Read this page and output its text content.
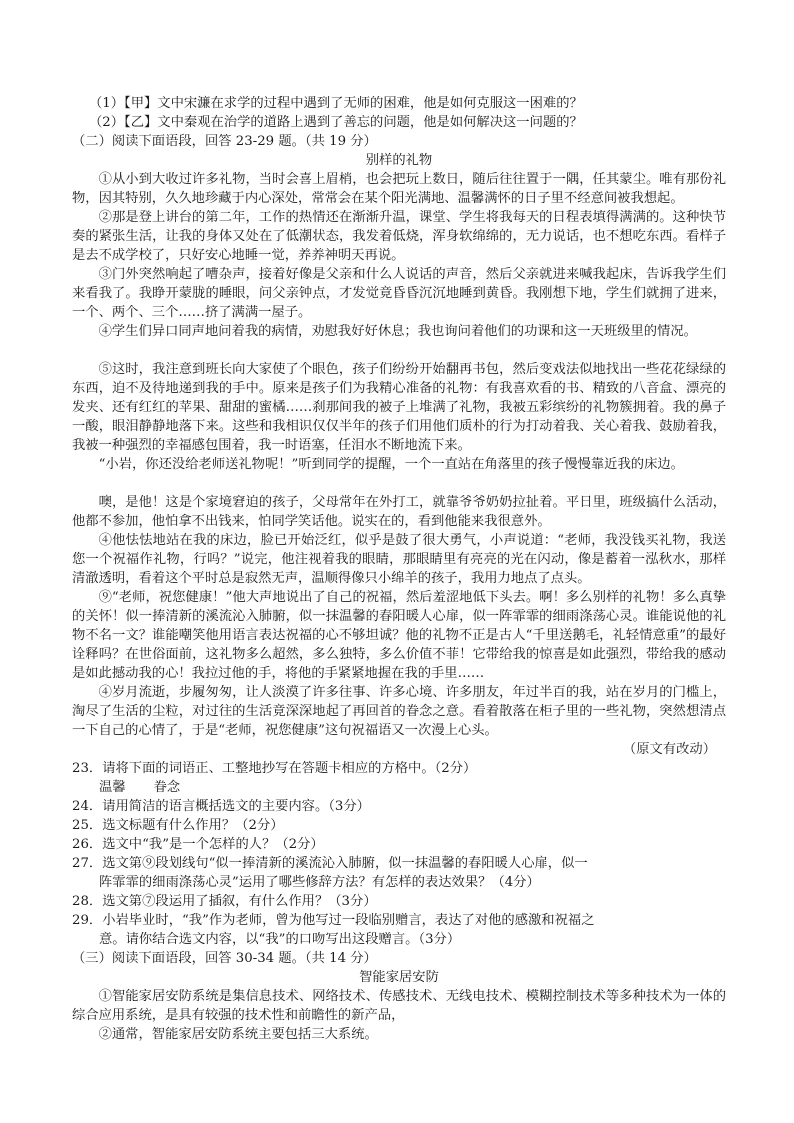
（1）【甲】文中宋濂在求学的过程中遇到了无师的困难，他是如何克服这一困难的？
（2）【乙】文中秦观在治学的道路上遇到了善忘的问题，他是如何解决这一问题的？
（二）阅读下面语段，回答 23-29 题。（共 19 分）
别样的礼物
①从小到大收过许多礼物，当时会喜上眉梢，也会把玩上数日，随后往往置于一隅，任其蒙尘。唯有那份礼物，因其特别，久久地珍藏于内心深处，常常会在某个阳光满地、温馨满怀的日子里不经意间被我想起。
②那是登上讲台的第二年，工作的热情还在渐渐升温，课堂、学生将我每天的日程表填得满满的。这种快节奏的紧张生活，让我的身体又处在了低潮状态，我发着低烧，浑身软绵绵的，无力说话，也不想吃东西。看样子是去不成学校了，只好安心地睡一觉，养养神明天再说。
③门外突然响起了嘈杂声，接着好像是父亲和什么人说话的声音，然后父亲就进来喊我起床，告诉我学生们来看我了。我睁开蒙胧的睡眼，问父亲钟点，才发觉竟昏昏沉沉地睡到黄昏。我刚想下地，学生们就拥了进来，一个、两个、三个……挤了满满一屋子。
④学生们异口同声地问着我的病情，劝慰我好好休息；我也询问着他们的功课和这一天班级里的情况。
⑤这时，我注意到班长向大家使了个眼色，孩子们纷纷开始翻再书包，然后变戏法似地找出一些花花绿绿的东西，迫不及待地递到我的手中。原来是孩子们为我精心准备的礼物：有我喜欢看的书、精致的八音盒、漂亮的发夹、还有红红的苹果、甜甜的蜜橘……刹那间我的被子上堆满了礼物，我被五彩缤纷的礼物簇拥着。我的鼻子一酸，眼泪静静地落下来。这些和我相识仅仅半年的孩子们用他们质朴的行为打动着我、关心着我、鼓励着我，我被一种强烈的幸福感包围着，我一时语塞，任泪水不断地流下来。
“小岩，你还没给老师送礼物呢！”听到同学的提醒，一个一直站在角落里的孩子慢慢靠近我的床边。
噢，是他！这是个家境窘迫的孩子，父母常年在外打工，就靠爷爷奶奶拉扯着。平日里，班级搞什么活动，他都不参加，他怕拿不出钱来，怕同学笑话他。说实在的，看到他能来我很意外。
④他怯怯地站在我的床边，脸已开始泛红，似乎是鼓了很大勇气，小声说道：“老师，我没钱买礼物，我送您一个祝福作礼物，行吗？”说完，他注视着我的眼睛，那眼睛里有亮亮的光在闪动，像是蓄着一泓秋水，那样清澈透明，看着这个平时总是寂然无声，温顺得像只小绵羊的孩子，我用力地点了点头。
⑨“老师，祝您健康！”他大声地说出了自己的祝福，然后羞涩地低下头去。啊！多么别样的礼物！多么真挚的关怀！似一捧清新的溪流沁入肺腑，似一抹温馨的春阳暖人心扉，似一阵霏霏的细雨涤荡心灵。谁能说他的礼物不名一文？谁能嘲笑他用语言表达祝福的心不够坦诚？他的礼物不正是古人“千里送鹅毛，礼轻情意重”的最好诠释吗？在世俗面前，这礼物多么超然，多么独特，多么价值不菲！它带给我的惊喜是如此强烈，带给我的感动是如此撼动我的心！我拉过他的手，将他的手紧紧地握在我的手里……
④岁月流逝，步履匆匆，让人淡漠了许多往事、许多心境、许多朋友，年过半百的我，站在岁月的门槛上，淘尽了生活的尘粒，对过往的生活竟深深地起了再回首的眷念之意。看着散落在柜子里的一些礼物，突然想清点一下自己的心情了，于是“老师，祝您健康”这句祝福语又一次漫上心头。
（原文有改动）
23．请将下面的词语正、工整地抄写在答题卡相应的方格中。（2分）
温馨 眷念
24．请用简洁的语言概括选文的主要内容。（3分）
25．选文标题有什么作用？（2分）
26．选文中“我”是一个怎样的人？（2分）
27．选文第⑨段划线句“似一捧清新的溪流沁入肺腑，似一抹温馨的春阳暖人心扉，似一
阵霏霏的细雨涤荡心灵”运用了哪些修辞方法？有怎样的表达效果？（4分）
28．选文第⑦段运用了插叙，有什么作用？（3分）
29．小岩毕业时，“我”作为老师，曾为他写过一段临别赠言，表达了对他的感激和祝福之
意。请你结合选文内容，以“我”的口吻写出这段赠言。（3分）
（三）阅读下面语段，回答 30-34 题。（共 14 分）
智能家居安防
①智能家居安防系统是集信息技术、网络技术、传感技术、无线电技术、模糊控制技术等多种技术为一体的综合应用系统，是具有较强的技术性和前瞻性的新产品，
②通常，智能家居安防系统主要包括三大系统。
